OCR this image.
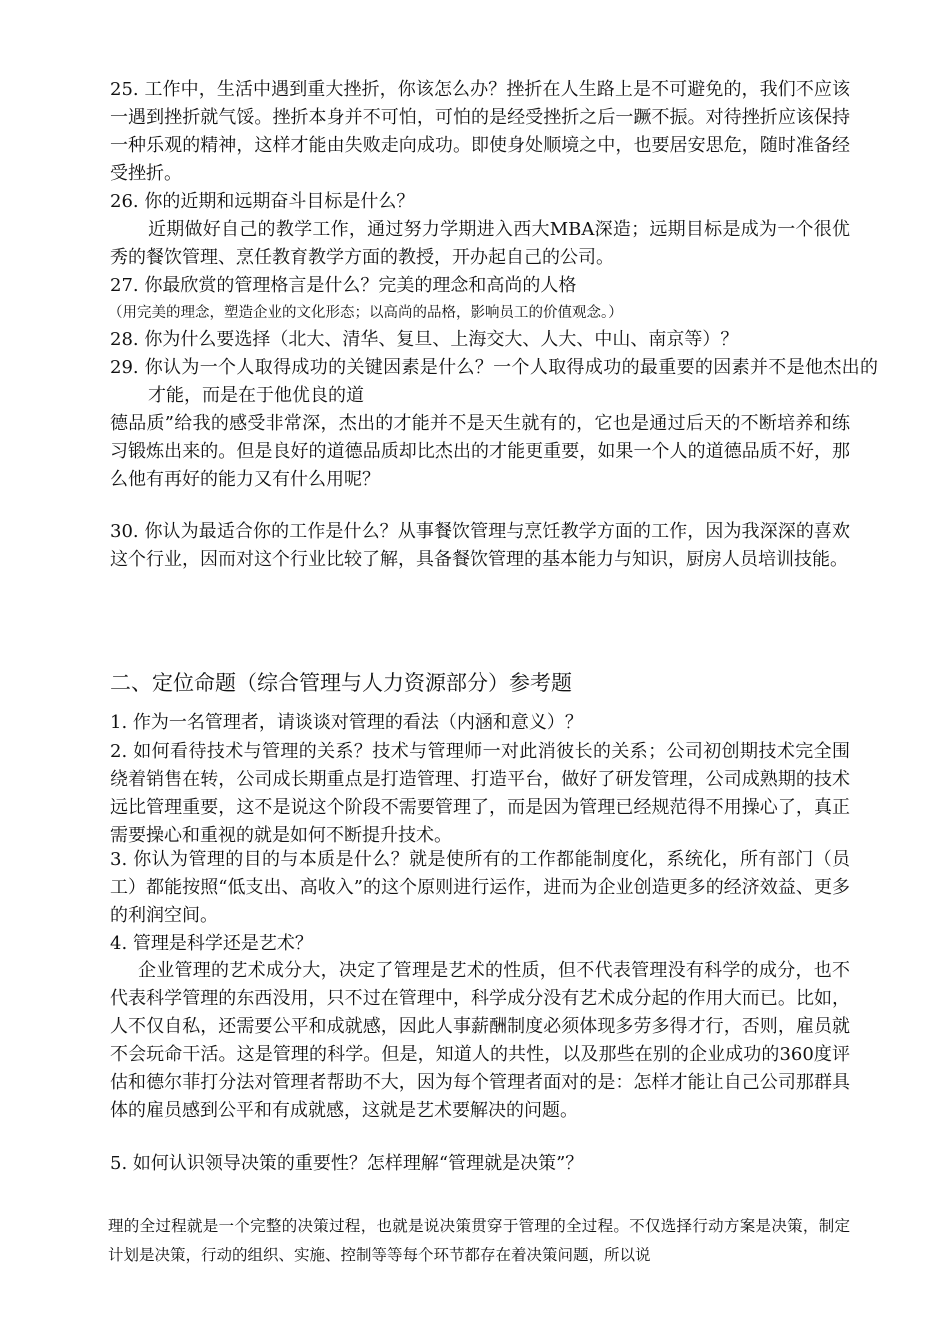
25. 工作中，生活中遇到重大挫折，你该怎么办？挫折在人生路上是不可避免的，我们不应该一遇到挫折就气馁。挫折本身并不可怕，可怕的是经受挫折之后一蹶不振。对待挫折应该保持一种乐观的精神，这样才能由失败走向成功。即使身处顺境之中，也要居安思危，随时准备经受挫折。

26. 你的近期和远期奋斗目标是什么？

近期做好自己的教学工作，通过努力学期进入西大MBA深造；远期目标是成为一个很优秀的餐饮管理、烹任教育教学方面的教授，开办起自己的公司。

27. 你最欣赏的管理格言是什么？完美的理念和高尚的人格

（用完美的理念，塑造企业的文化形态；以高尚的品格，影响员工的价值观念。）

28. 你为什么要选择（北大、清华、复旦、上海交大、人大、中山、南京等）？

29. 你认为一个人取得成功的关键因素是什么？一个人取得成功的最重要的因素并不是他杰出的才能，而是在于他优良的道

德品质”给我的感受非常深，杰出的才能并不是天生就有的，它也是通过后天的不断培养和练习锻炼出来的。但是良好的道德品质却比杰出的才能更重要，如果一个人的道德品质不好，那么他有再好的能力又有什么用呢？

30. 你认为最适合你的工作是什么？从事餐饮管理与烹饪教学方面的工作，因为我深深的喜欢这个行业，因而对这个行业比较了解，具备餐饮管理的基本能力与知识，厨房人员培训技能。

二、定位命题（综合管理与人力资源部分）参考题

1. 作为一名管理者，请谈谈对管理的看法（内涵和意义）？

2. 如何看待技术与管理的关系？技术与管理师一对此消彼长的关系；公司初创期技术完全围绕着销售在转，公司成长期重点是打造管理、打造平台，做好了研发管理，公司成熟期的技术远比管理重要，这不是说这个阶段不需要管理了，而是因为管理已经规范得不用操心了，真正需要操心和重视的就是如何不断提升技术。

3. 你认为管理的目的与本质是什么？就是使所有的工作都能制度化，系统化，所有部门（员工）都能按照“低支出、高收入”的这个原则进行运作，进而为企业创造更多的经济效益、更多的利润空间。

4. 管理是科学还是艺术？

企业管理的艺术成分大，决定了管理是艺术的性质，但不代表管理没有科学的成分，也不代表科学管理的东西没用，只不过在管理中，科学成分没有艺术成分起的作用大而已。比如，人不仅自私，还需要公平和成就感，因此人事薪酬制度必须体现多劳多得才行，否则，雇员就不会玩命干活。这是管理的科学。但是，知道人的共性，以及那些在别的企业成功的360度评估和德尔菲打分法对管理者帮助不大，因为每个管理者面对的是：怎样才能让自己公司那群具体的雇员感到公平和有成就感，这就是艺术要解决的问题。

5. 如何认识领导决策的重要性？怎样理解“管理就是决策”？

理的全过程就是一个完整的决策过程，也就是说决策贯穿于管理的全过程。不仅选择行动方案是决策，制定计划是决策，行动的组织、实施、控制等等每个环节都存在着决策问题，所以说
